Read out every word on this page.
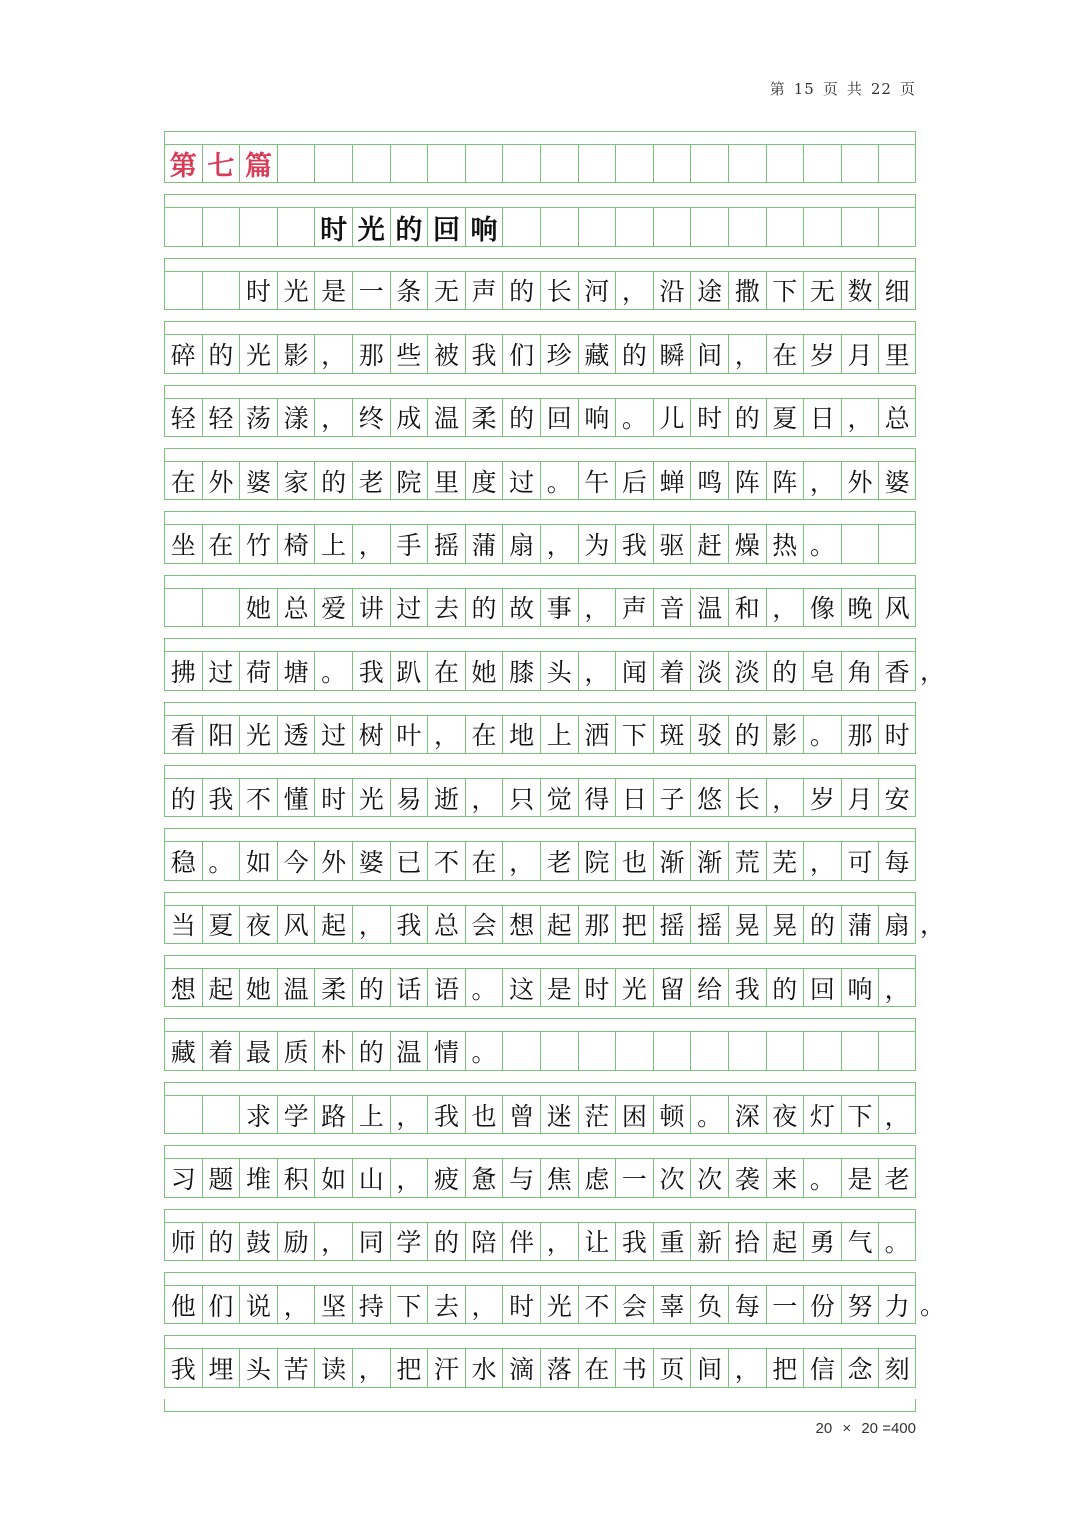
第 15 页 共 22 页
第 七 篇
时 光 的 回 响
时 光 是 一 条 无 声 的 长 河 ， 沿 途 撒 下 无 数 细
碎 的 光 影 ， 那 些 被 我 们 珍 藏 的 瞬 间 ， 在 岁 月 里
轻 轻 荡 漾 ， 终 成 温 柔 的 回 响 。 儿 时 的 夏 日 ， 总
在 外 婆 家 的 老 院 里 度 过 。 午 后 蝉 鸣 阵 阵 ， 外 婆
坐 在 竹 椅 上 ， 手 摇 蒲 扇 ， 为 我 驱 赶 燥 热 。
她 总 爱 讲 过 去 的 故 事 ， 声 音 温 和 ， 像 晚 风
拂 过 荷 塘 。 我 趴 在 她 膝 头 ， 闻 着 淡 淡 的 皂 角 香 ，
看 阳 光 透 过 树 叶 ， 在 地 上 洒 下 斑 驳 的 影 。 那 时
的 我 不 懂 时 光 易 逝 ， 只 觉 得 日 子 悠 长 ， 岁 月 安
稳 。 如 今 外 婆 已 不 在 ， 老 院 也 渐 渐 荒 芜 ， 可 每
当 夏 夜 风 起 ， 我 总 会 想 起 那 把 摇 摇 晃 晃 的 蒲 扇 ，
想 起 她 温 柔 的 话 语 。 这 是 时 光 留 给 我 的 回 响 ，
藏 着 最 质 朴 的 温 情 。
求 学 路 上 ， 我 也 曾 迷 茫 困 顿 。 深 夜 灯 下 ，
习 题 堆 积 如 山 ， 疲 惫 与 焦 虑 一 次 次 袭 来 。 是 老
师 的 鼓 励 ， 同 学 的 陪 伴 ， 让 我 重 新 拾 起 勇 气 。
他 们 说 ， 坚 持 下 去 ， 时 光 不 会 辜 负 每 一 份 努 力 。
我 埋 头 苦 读 ， 把 汗 水 滴 落 在 书 页 间 ， 把 信 念 刻
20 × 20 =400
